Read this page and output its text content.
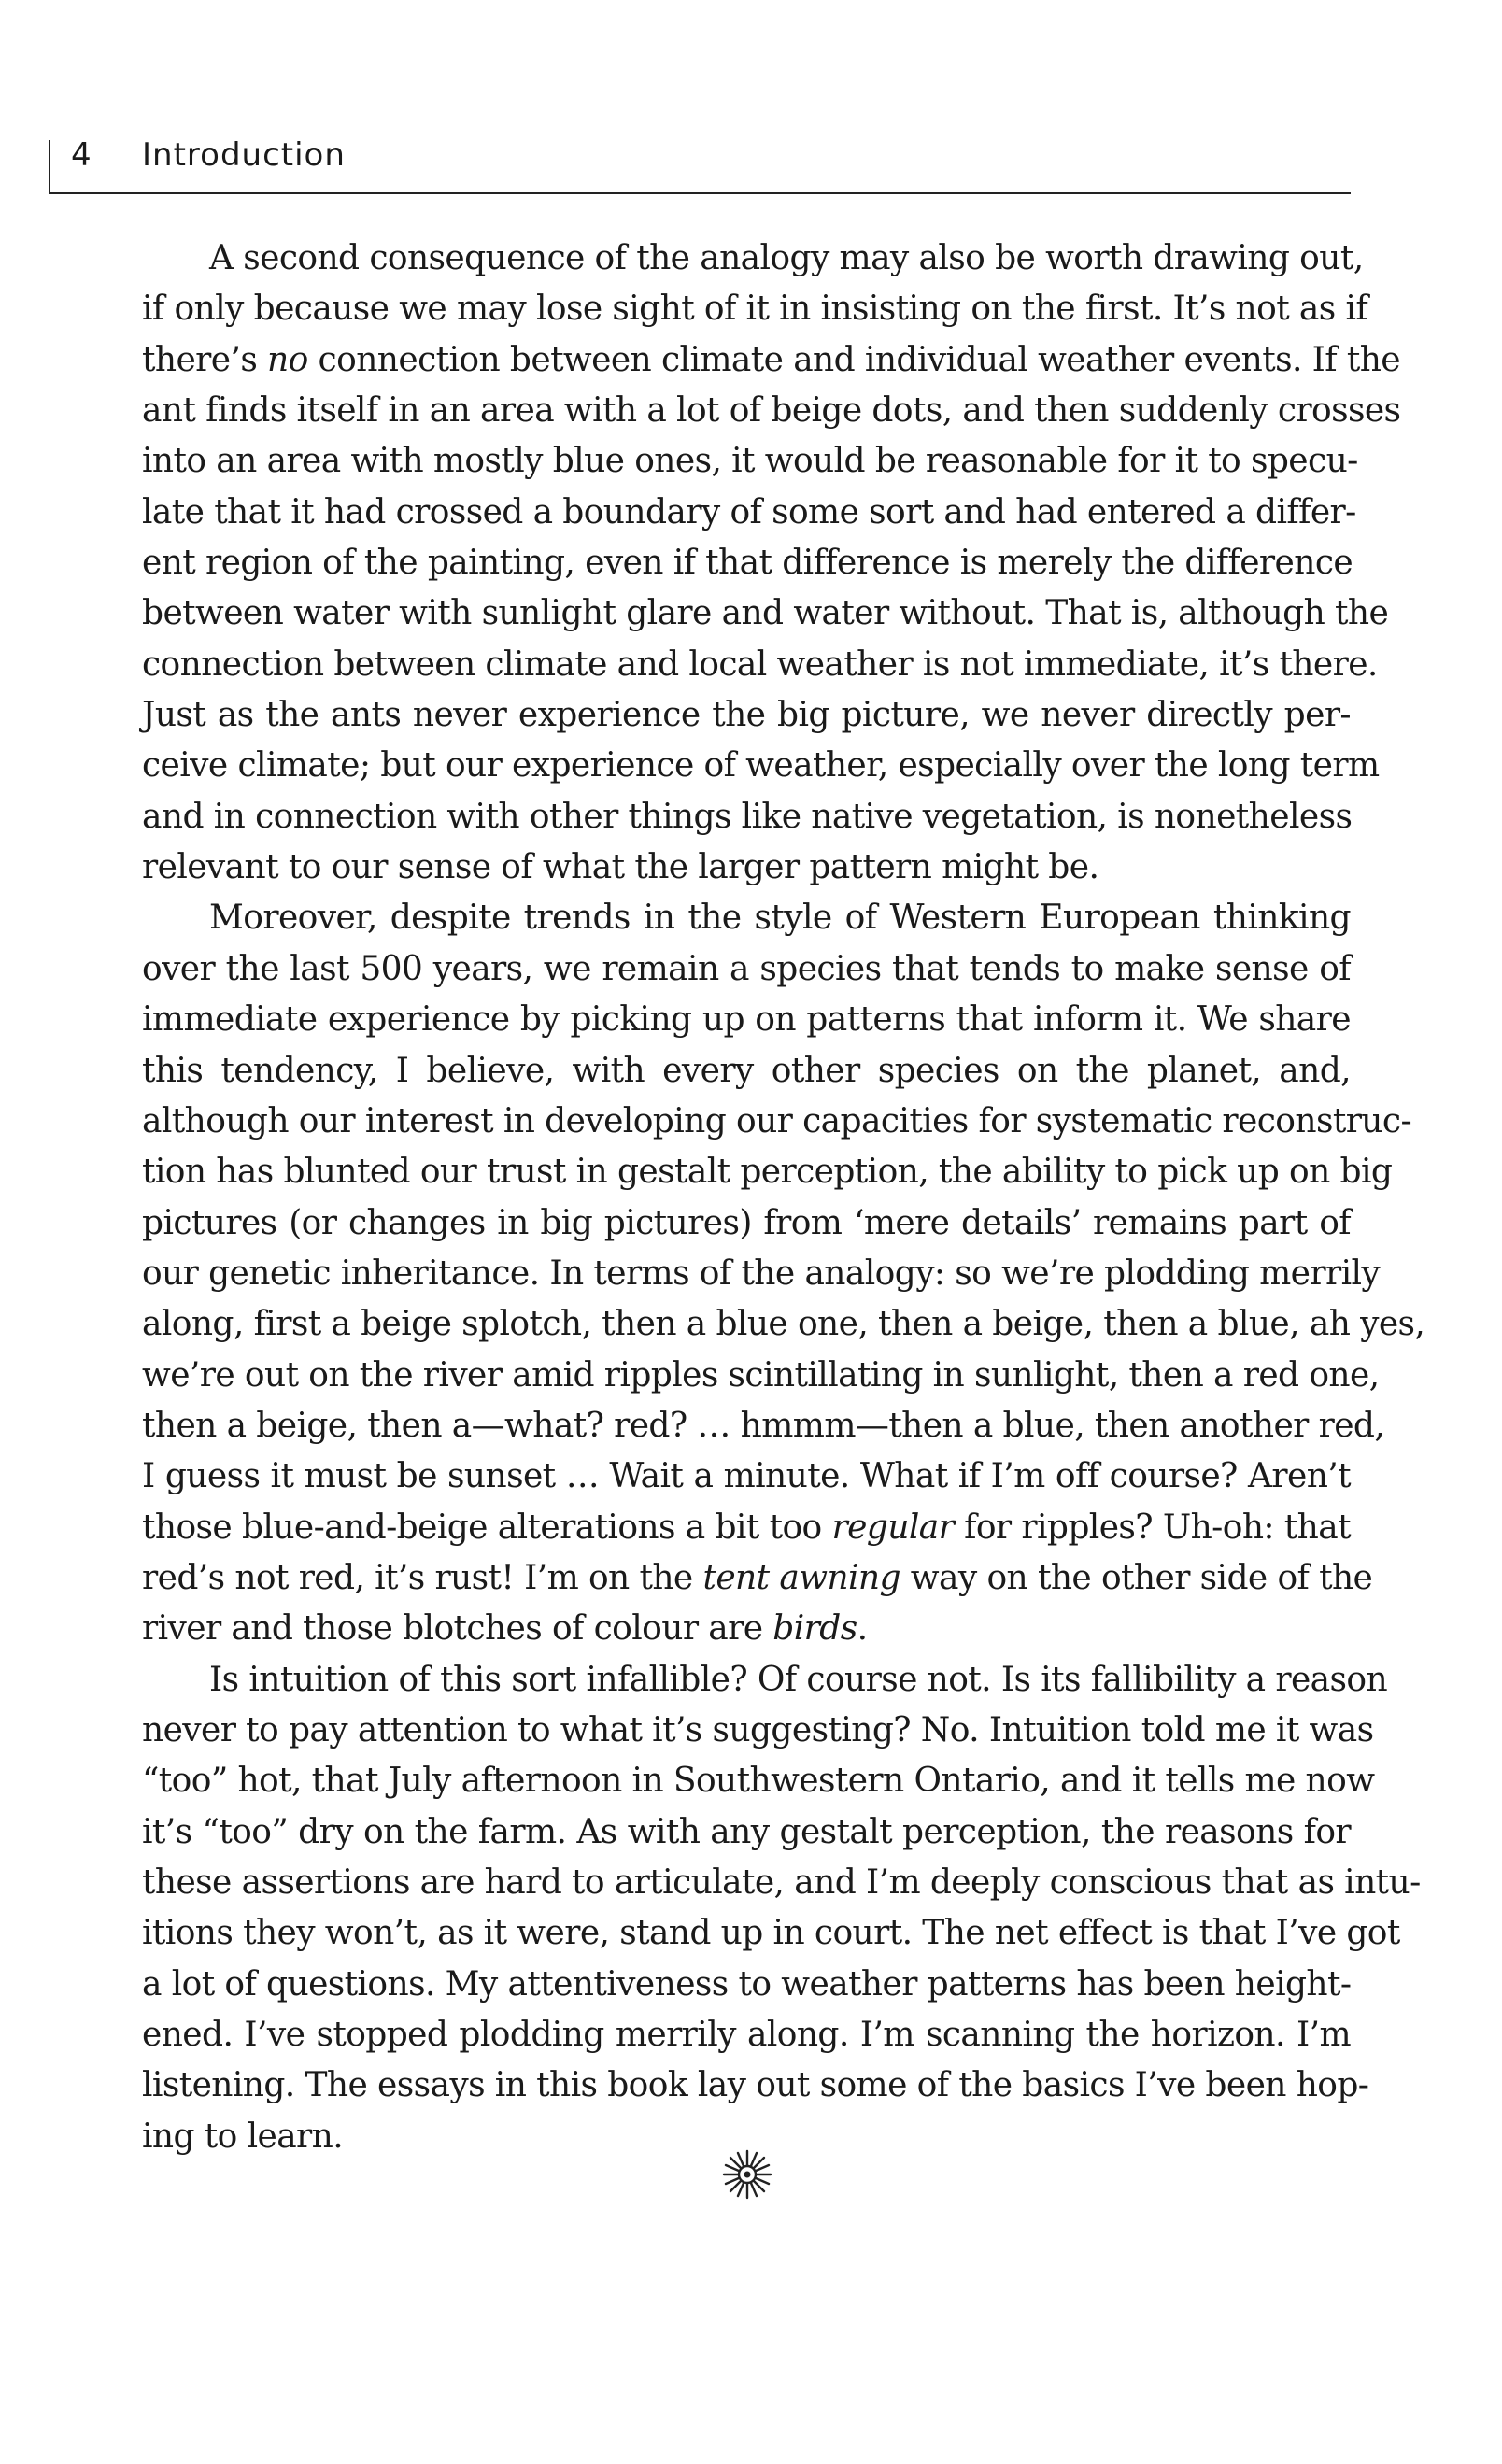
4 Introduction
A second consequence of the analogy may also be worth drawing out,
if only because we may lose sight of it in insisting on the first. It’s not as if
there’s no connection between climate and individual weather events. If the
ant finds itself in an area with a lot of beige dots, and then suddenly crosses
into an area with mostly blue ones, it would be reasonable for it to specu-
late that it had crossed a boundary of some sort and had entered a differ-
ent region of the painting, even if that difference is merely the difference
between water with sunlight glare and water without. That is, although the
connection between climate and local weather is not immediate, it’s there.
Just as the ants never experience the big picture, we never directly per-
ceive climate; but our experience of weather, especially over the long term
and in connection with other things like native vegetation, is nonetheless
relevant to our sense of what the larger pattern might be.
Moreover, despite trends in the style of Western European thinking
over the last 500 years, we remain a species that tends to make sense of
immediate experience by picking up on patterns that inform it. We share
this tendency, I believe, with every other species on the planet, and,
although our interest in developing our capacities for systematic reconstruc-
tion has blunted our trust in gestalt perception, the ability to pick up on big
pictures (or changes in big pictures) from ‘mere details’ remains part of
our genetic inheritance. In terms of the analogy: so we’re plodding merrily
along, first a beige splotch, then a blue one, then a beige, then a blue, ah yes,
we’re out on the river amid ripples scintillating in sunlight, then a red one,
then a beige, then a—what? red? … hmmm—then a blue, then another red,
I guess it must be sunset … Wait a minute. What if I’m off course? Aren’t
those blue-and-beige alterations a bit too regular for ripples? Uh-oh: that
red’s not red, it’s rust! I’m on the tent awning way on the other side of the
river and those blotches of colour are birds.
Is intuition of this sort infallible? Of course not. Is its fallibility a reason
never to pay attention to what it’s suggesting? No. Intuition told me it was
“too” hot, that July afternoon in Southwestern Ontario, and it tells me now
it’s “too” dry on the farm. As with any gestalt perception, the reasons for
these assertions are hard to articulate, and I’m deeply conscious that as intu-
itions they won’t, as it were, stand up in court. The net effect is that I’ve got
a lot of questions. My attentiveness to weather patterns has been height-
ened. I’ve stopped plodding merrily along. I’m scanning the horizon. I’m
listening. The essays in this book lay out some of the basics I’ve been hop-
ing to learn.
